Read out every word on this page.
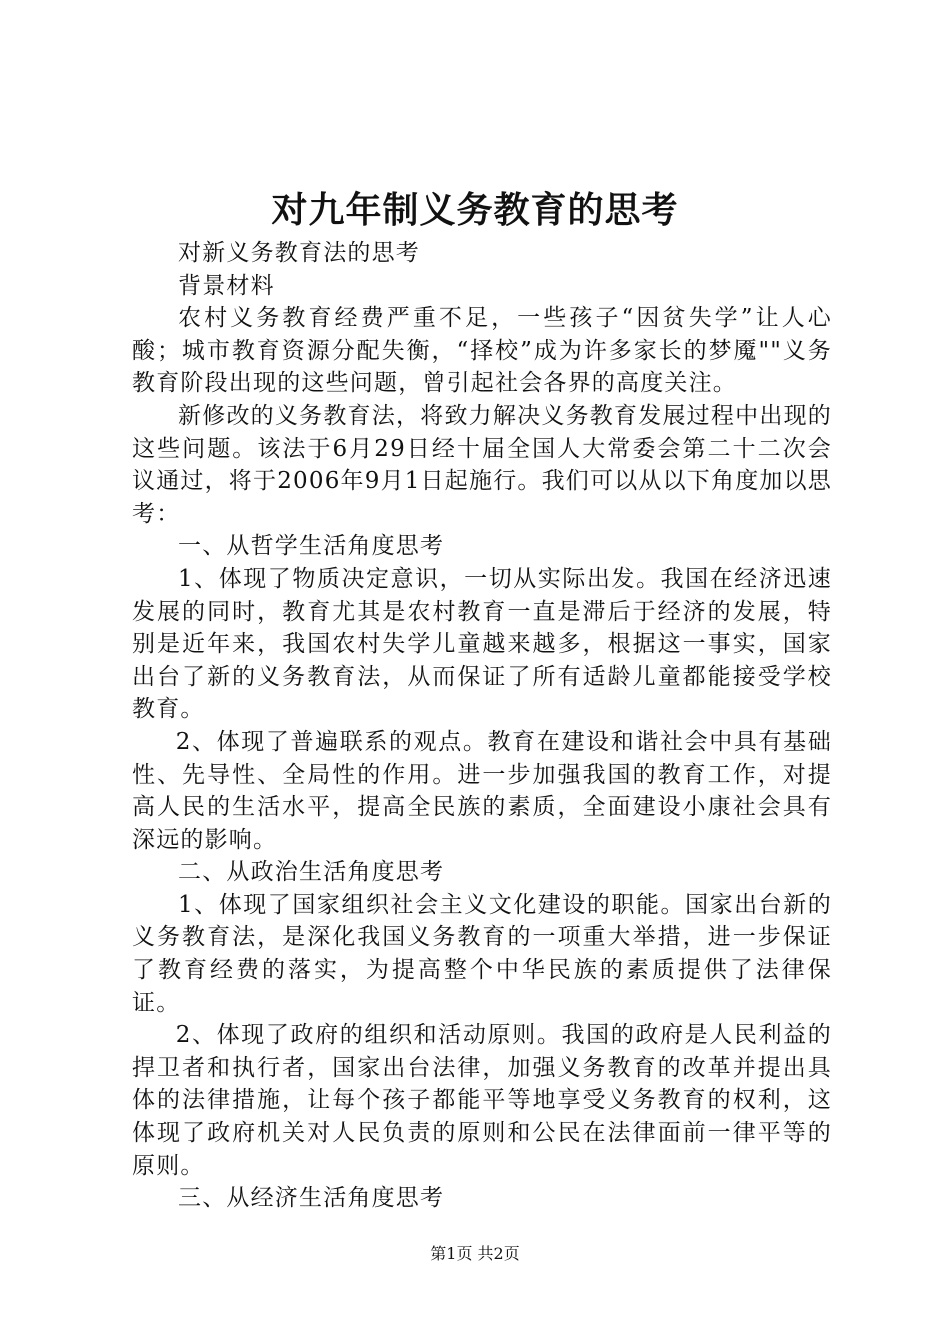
对九年制义务教育的思考

对新义务教育法的思考

背景材料

农村义务教育经费严重不足，一些孩子“因贫失学”让人心酸；城市教育资源分配失衡，“择校”成为许多家长的梦魇""义务教育阶段出现的这些问题，曾引起社会各界的高度关注。

新修改的义务教育法，将致力解决义务教育发展过程中出现的这些问题。该法于6月29日经十届全国人大常委会第二十二次会议通过，将于2006年9月1日起施行。我们可以从以下角度加以思考：

一、从哲学生活角度思考

1、体现了物质决定意识，一切从实际出发。我国在经济迅速发展的同时，教育尤其是农村教育一直是滞后于经济的发展，特别是近年来，我国农村失学儿童越来越多，根据这一事实，国家出台了新的义务教育法，从而保证了所有适龄儿童都能接受学校教育。

2、体现了普遍联系的观点。教育在建设和谐社会中具有基础性、先导性、全局性的作用。进一步加强我国的教育工作，对提高人民的生活水平，提高全民族的素质，全面建设小康社会具有深远的影响。

二、从政治生活角度思考

1、体现了国家组织社会主义文化建设的职能。国家出台新的义务教育法，是深化我国义务教育的一项重大举措，进一步保证了教育经费的落实，为提高整个中华民族的素质提供了法律保证。

2、体现了政府的组织和活动原则。我国的政府是人民利益的捍卫者和执行者，国家出台法律，加强义务教育的改革并提出具体的法律措施，让每个孩子都能平等地享受义务教育的权利，这体现了政府机关对人民负责的原则和公民在法律面前一律平等的原则。

三、从经济生活角度思考

第1页 共2页
